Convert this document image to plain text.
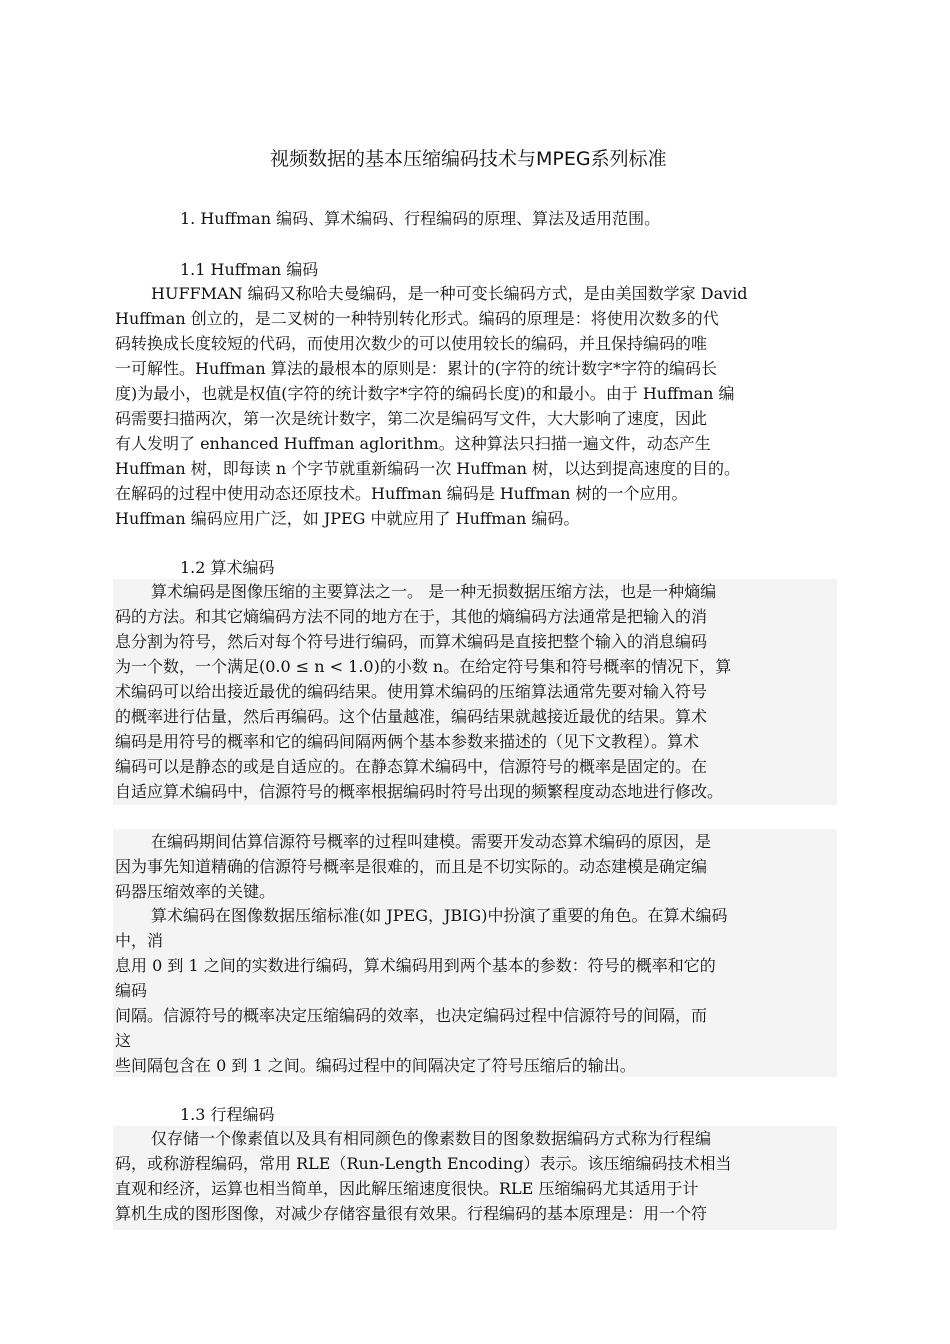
视频数据的基本压缩编码技术与MPEG系列标准
1. Huffman 编码、算术编码、行程编码的原理、算法及适用范围。
1.1 Huffman 编码
HUFFMAN 编码又称哈夫曼编码，是一种可变长编码方式，是由美国数学家 David
Huffman 创立的，是二叉树的一种特别转化形式。编码的原理是：将使用次数多的代
码转换成长度较短的代码，而使用次数少的可以使用较长的编码，并且保持编码的唯
一可解性。Huffman 算法的最根本的原则是：累计的(字符的统计数字*字符的编码长
度)为最小，也就是权值(字符的统计数字*字符的编码长度)的和最小。由于 Huffman 编
码需要扫描两次，第一次是统计数字，第二次是编码写文件，大大影响了速度，因此
有人发明了 enhanced Huffman aglorithm。这种算法只扫描一遍文件，动态产生
Huffman 树，即每读 n 个字节就重新编码一次 Huffman 树，以达到提高速度的目的。
在解码的过程中使用动态还原技术。Huffman 编码是 Huffman 树的一个应用。
Huffman 编码应用广泛，如 JPEG 中就应用了 Huffman 编码。
1.2 算术编码
算术编码是图像压缩的主要算法之一。 是一种无损数据压缩方法，也是一种熵编
码的方法。和其它熵编码方法不同的地方在于，其他的熵编码方法通常是把输入的消
息分割为符号，然后对每个符号进行编码，而算术编码是直接把整个输入的消息编码
为一个数，一个满足(0.0 ≤ n < 1.0)的小数 n。在给定符号集和符号概率的情况下，算
术编码可以给出接近最优的编码结果。使用算术编码的压缩算法通常先要对输入符号
的概率进行估量，然后再编码。这个估量越准，编码结果就越接近最优的结果。算术
编码是用符号的概率和它的编码间隔两俩个基本参数来描述的（见下文教程）。算术
编码可以是静态的或是自适应的。在静态算术编码中，信源符号的概率是固定的。在
自适应算术编码中，信源符号的概率根据编码时符号出现的频繁程度动态地进行修改。
在编码期间估算信源符号概率的过程叫建模。需要开发动态算术编码的原因，是
因为事先知道精确的信源符号概率是很难的，而且是不切实际的。动态建模是确定编
码器压缩效率的关键。
算术编码在图像数据压缩标准(如 JPEG，JBIG)中扮演了重要的角色。在算术编码
中，消
息用 0 到 1 之间的实数进行编码，算术编码用到两个基本的参数：符号的概率和它的
编码
间隔。信源符号的概率决定压缩编码的效率，也决定编码过程中信源符号的间隔，而
这
些间隔包含在 0 到 1 之间。编码过程中的间隔决定了符号压缩后的输出。
1.3 行程编码
仅存储一个像素值以及具有相同颜色的像素数目的图象数据编码方式称为行程编
码，或称游程编码，常用 RLE（Run-Length Encoding）表示。该压缩编码技术相当
直观和经济，运算也相当简单，因此解压缩速度很快。RLE 压缩编码尤其适用于计
算机生成的图形图像，对减少存储容量很有效果。行程编码的基本原理是：用一个符
